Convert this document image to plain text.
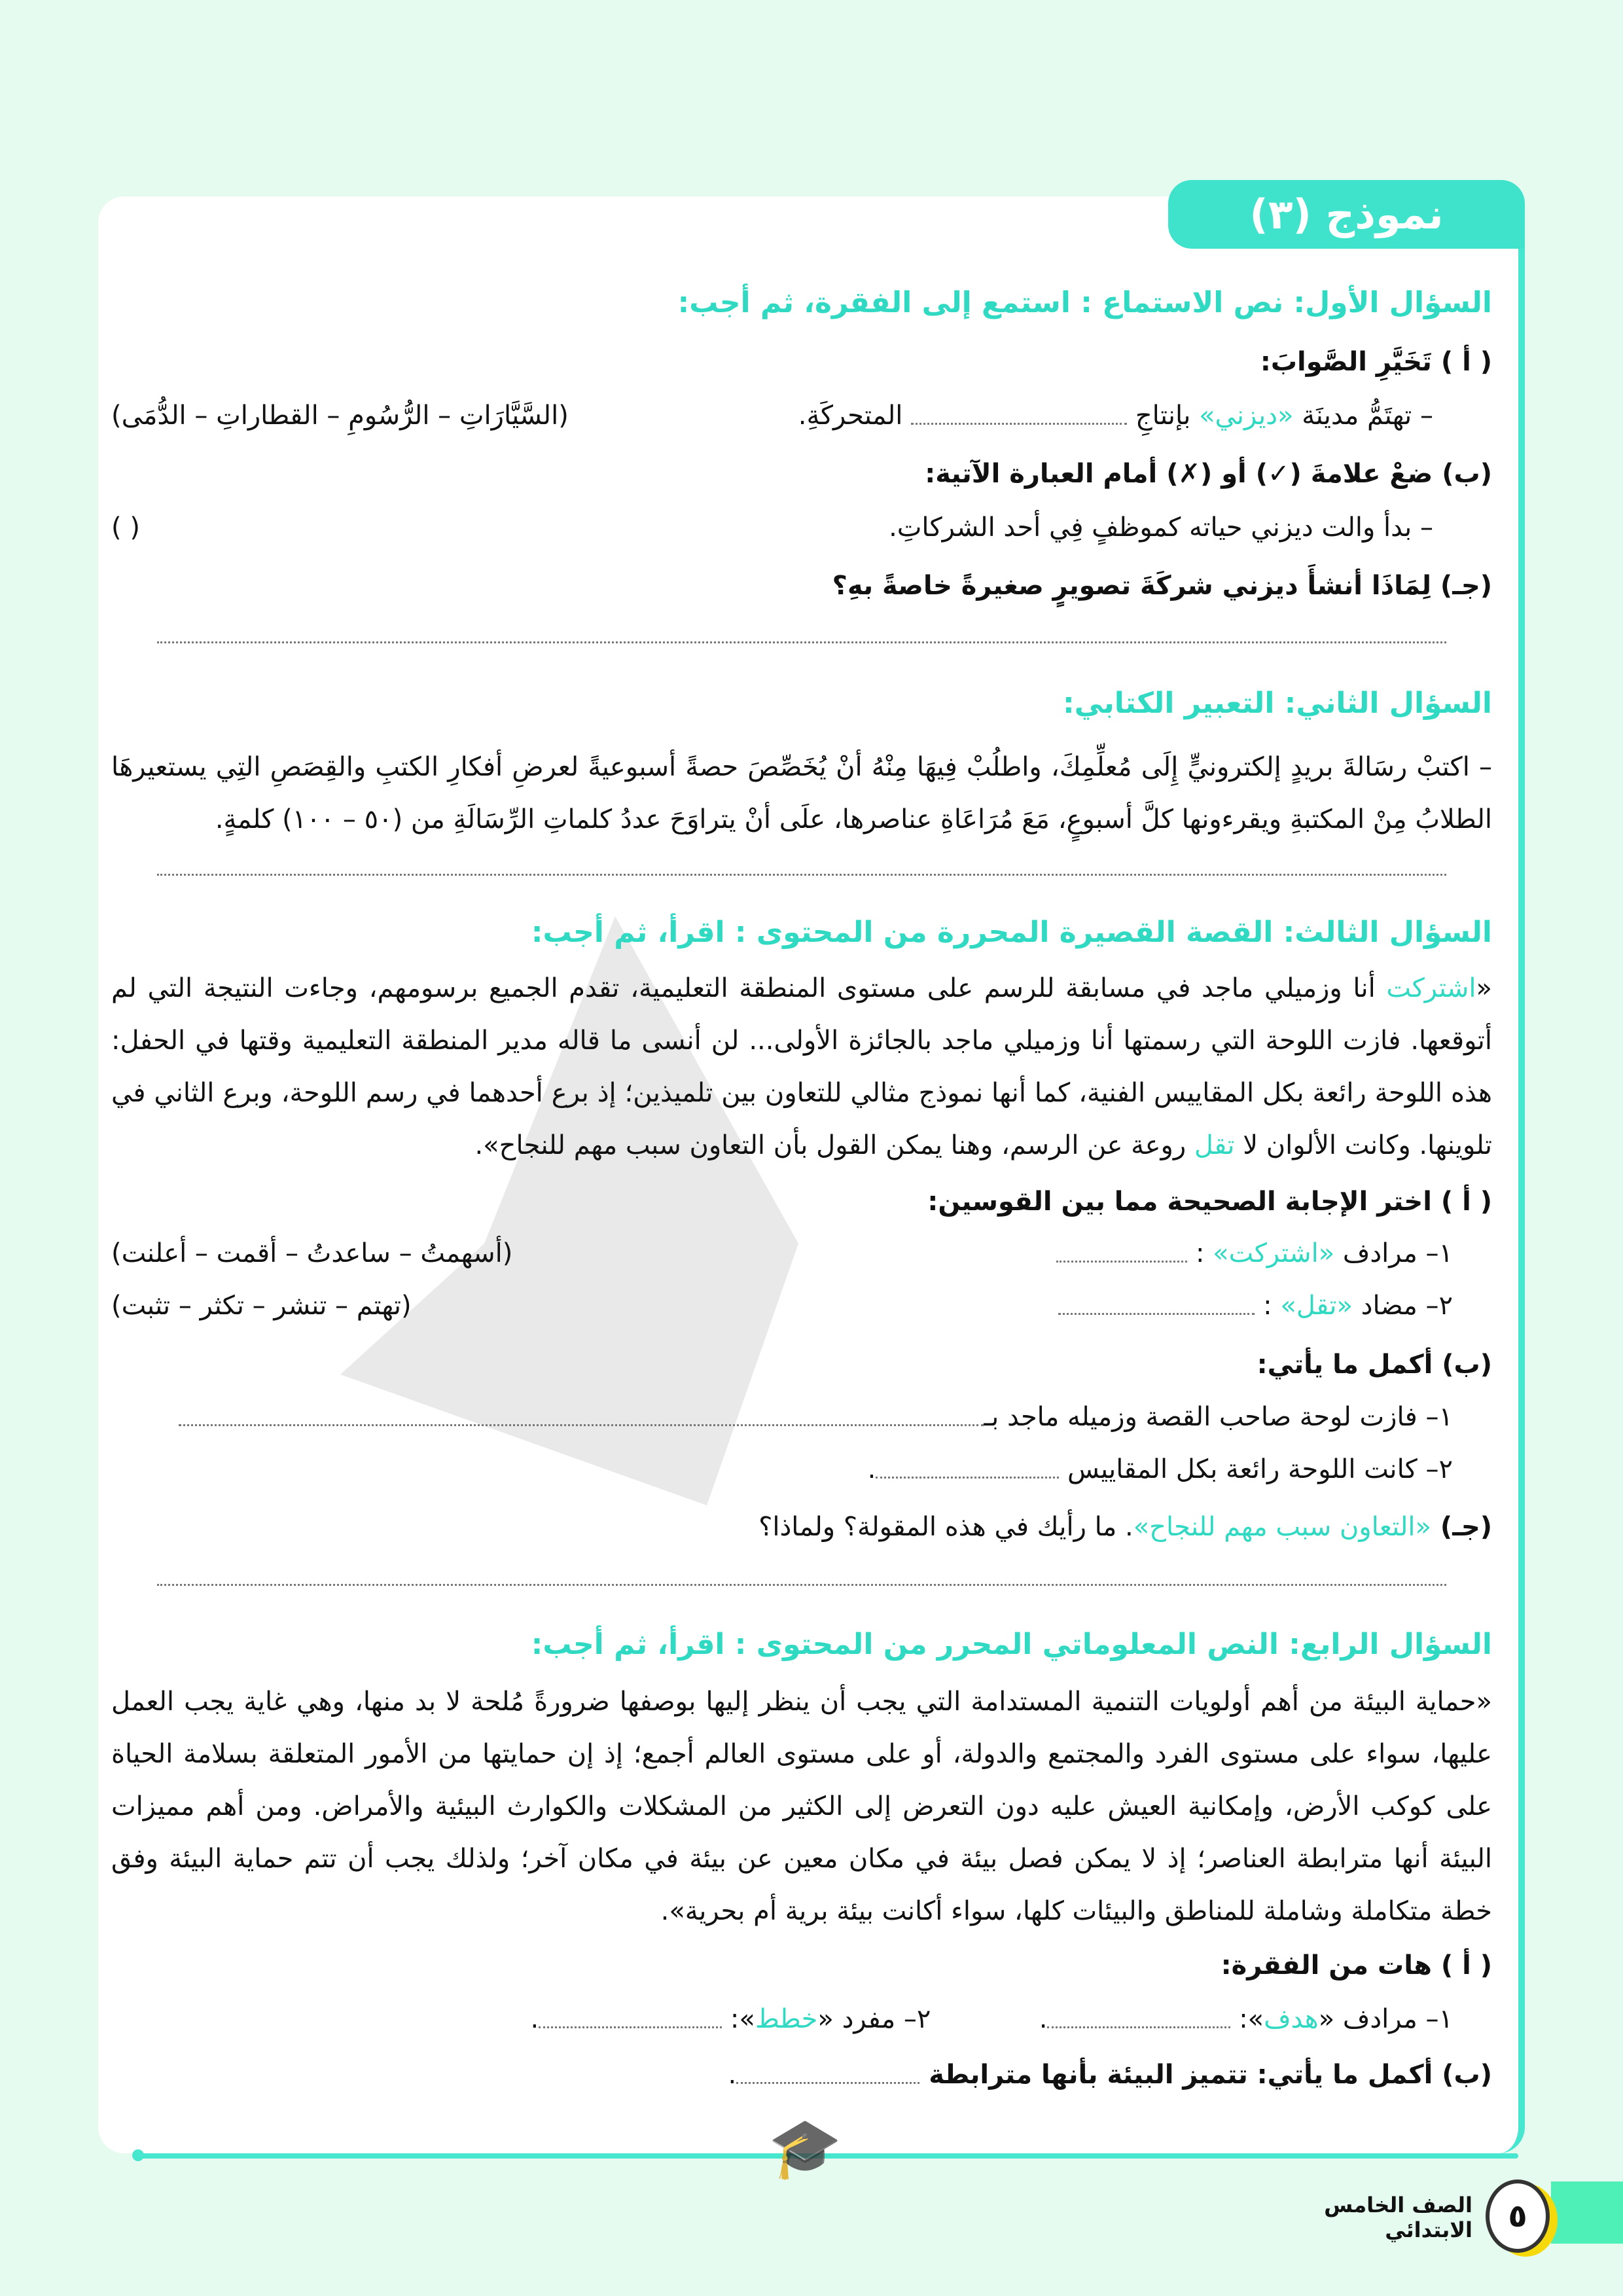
نموذج (٣)
السؤال الأول: نص الاستماع : استمع إلى الفقرة، ثم أجب:
( أ ) تَخَيَّرِ الصَّوابَ:
– تهتَمُّ مدينَة «ديزني» بإنتاجِ  المتحركَةِ.
(السَّيَّارَاتِ – الرُّسُومِ – القطاراتِ – الدُّمَى)
(ب) ضعْ علامةَ (✓) أو (✗) أمام العبارة الآتية:
– بدأ والت ديزني حياته كموظفٍ فِي أحد الشركاتِ.
( )
(جـ) لِمَاذَا أنشأَ ديزني شركَةَ تصويرٍ صغيرةً خاصةً بهِ؟
السؤال الثاني: التعبير الكتابي:
– اكتبْ رسَالةَ بريدٍ إلكترونيٍّ إِلَى مُعلِّمِكَ، واطلُبْ فِيهَا مِنْهُ أنْ يُخَصِّصَ حصةً أسبوعيةً لعرضِ أفكارِ الكتبِ والقِصَصِ التِي يستعيرهَا الطلابُ مِنْ المكتبةِ ويقرءونها كلَّ أسبوعٍ، مَعَ مُرَاعَاةِ عناصرها، علَى أنْ يتراوَحَ عددُ كلماتِ الرِّسَالَةِ من (٥٠ – ١٠٠) كلمةٍ.
السؤال الثالث: القصة القصيرة المحررة من المحتوى : اقرأ، ثم أجب:
«اشتركت أنا وزميلي ماجد في مسابقة للرسم على مستوى المنطقة التعليمية، تقدم الجميع برسومهم، وجاءت النتيجة التي لم أتوقعها. فازت اللوحة التي رسمتها أنا وزميلي ماجد بالجائزة الأولى... لن أنسى ما قاله مدير المنطقة التعليمية وقتها في الحفل: هذه اللوحة رائعة بكل المقاييس الفنية، كما أنها نموذج مثالي للتعاون بين تلميذين؛ إذ برع أحدهما في رسم اللوحة، وبرع الثاني في تلوينها. وكانت الألوان لا تقل روعة عن الرسم، وهنا يمكن القول بأن التعاون سبب مهم للنجاح».
( أ ) اختر الإجابة الصحيحة مما بين القوسين:
١– مرادف «اشتركت» :
(أسهمتُ – ساعدتُ – أقمت – أعلنت)
٢– مضاد «تقل» :
(تهتم – تنشر – تكثر – تثبت)
(ب) أكمل ما يأتي:
١– فازت لوحة صاحب القصة وزميله ماجد بـ
٢– كانت اللوحة رائعة بكل المقاييس .
(جـ) «التعاون سبب مهم للنجاح». ما رأيك في هذه المقولة؟ ولماذا؟
السؤال الرابع: النص المعلوماتي المحرر من المحتوى : اقرأ، ثم أجب:
«حماية البيئة من أهم أولويات التنمية المستدامة التي يجب أن ينظر إليها بوصفها ضرورةً مُلحة لا بد منها، وهي غاية يجب العمل عليها، سواء على مستوى الفرد والمجتمع والدولة، أو على مستوى العالم أجمع؛ إذ إن حمايتها من الأمور المتعلقة بسلامة الحياة على كوكب الأرض، وإمكانية العيش عليه دون التعرض إلى الكثير من المشكلات والكوارث البيئية والأمراض. ومن أهم مميزات البيئة أنها مترابطة العناصر؛ إذ لا يمكن فصل بيئة في مكان معين عن بيئة في مكان آخر؛ ولذلك يجب أن تتم حماية البيئة وفق خطة متكاملة وشاملة للمناطق والبيئات كلها، سواء أكانت بيئة برية أم بحرية».
( أ ) هات من الفقرة:
١– مرادف «هدف»: .  ٢– مفرد «خطط»: .
(ب) أكمل ما يأتي: تتميز البيئة بأنها مترابطة .
🎓
٥
الصف الخامس الابتدائي
